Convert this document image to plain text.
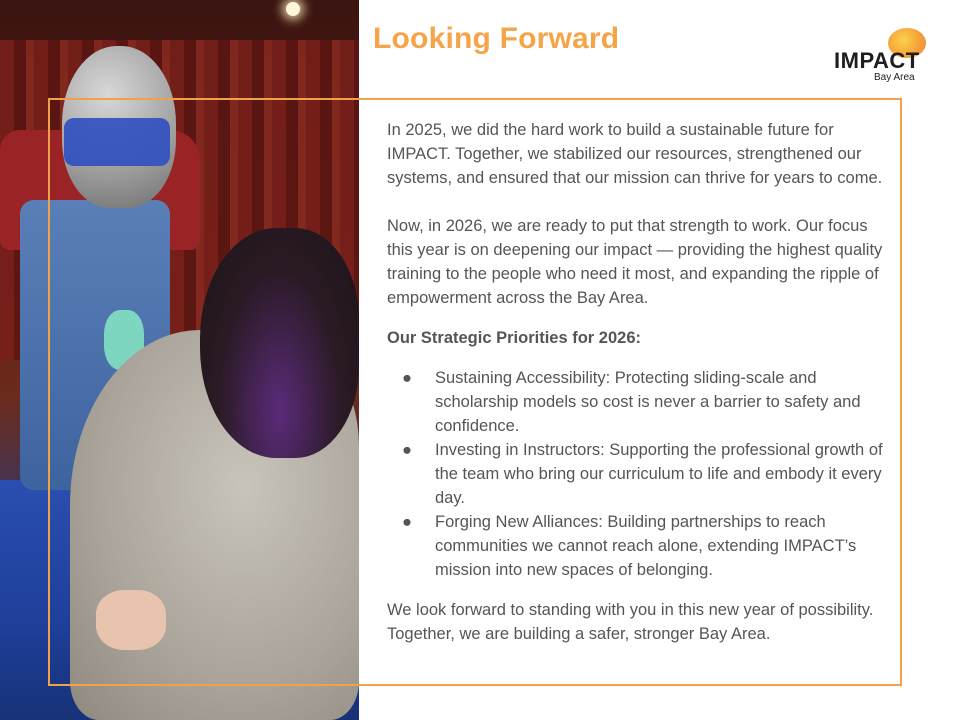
Looking Forward
IMPACT
Bay Area

In 2025, we did the hard work to build a sustainable future for IMPACT. Together, we stabilized our resources, strengthened our systems, and ensured that our mission can thrive for years to come.

Now, in 2026, we are ready to put that strength to work. Our focus this year is on deepening our impact — providing the highest quality training to the people who need it most, and expanding the ripple of empowerment across the Bay Area.

Our Strategic Priorities for 2026:

● Sustaining Accessibility: Protecting sliding-scale and scholarship models so cost is never a barrier to safety and confidence.
● Investing in Instructors: Supporting the professional growth of the team who bring our curriculum to life and embody it every day.
● Forging New Alliances: Building partnerships to reach communities we cannot reach alone, extending IMPACT’s mission into new spaces of belonging.

We look forward to standing with you in this new year of possibility. Together, we are building a safer, stronger Bay Area.
